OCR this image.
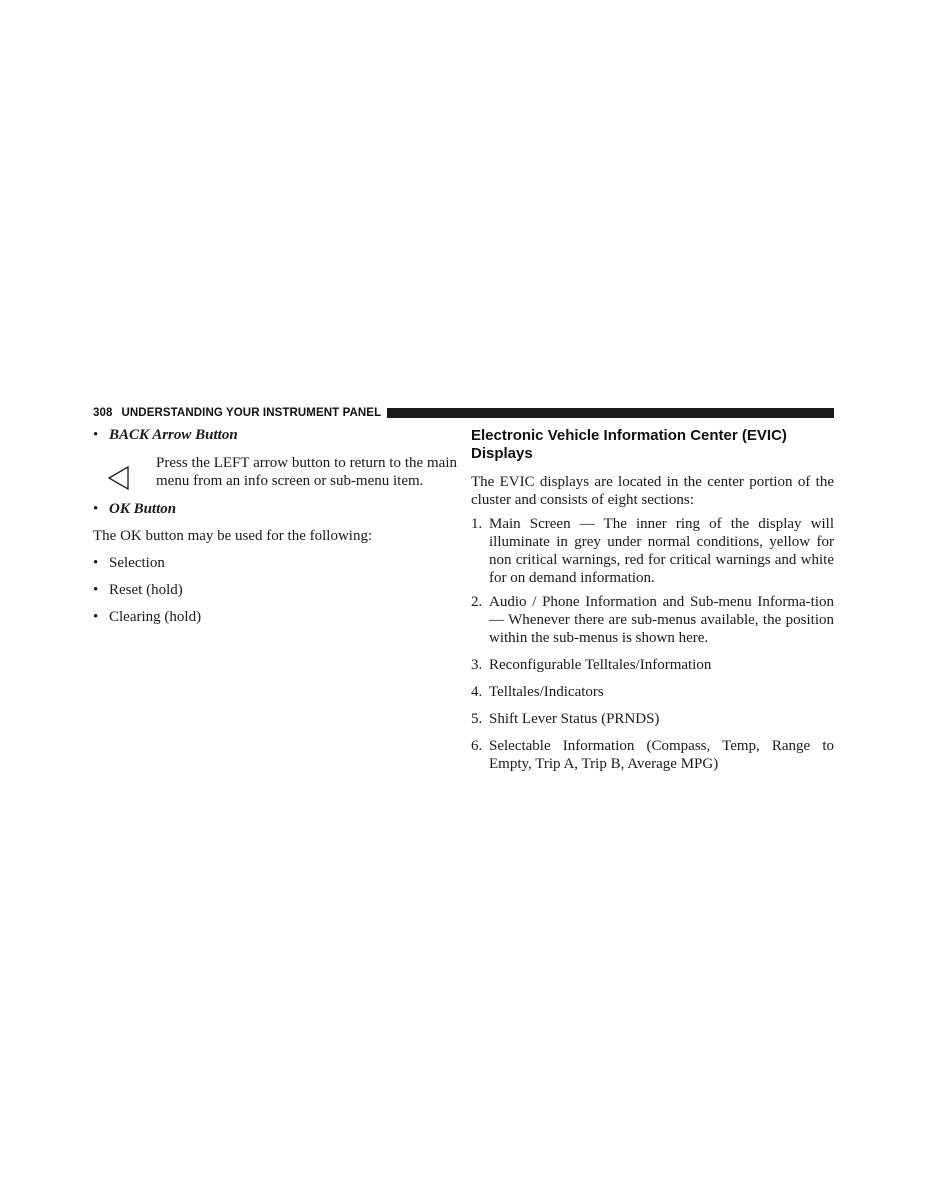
308 UNDERSTANDING YOUR INSTRUMENT PANEL
• BACK Arrow Button

Press the LEFT arrow button to return to the main menu from an info screen or sub-menu item.

• OK Button

The OK button may be used for the following:

• Selection
• Reset (hold)
• Clearing (hold)
Electronic Vehicle Information Center (EVIC) Displays

The EVIC displays are located in the center portion of the cluster and consists of eight sections:

1. Main Screen — The inner ring of the display will illuminate in grey under normal conditions, yellow for non critical warnings, red for critical warnings and white for on demand information.
2. Audio / Phone Information and Sub-menu Informa-tion — Whenever there are sub-menus available, the position within the sub-menus is shown here.
3. Reconfigurable Telltales/Information
4. Telltales/Indicators
5. Shift Lever Status (PRNDS)
6. Selectable Information (Compass, Temp, Range to Empty, Trip A, Trip B, Average MPG)
